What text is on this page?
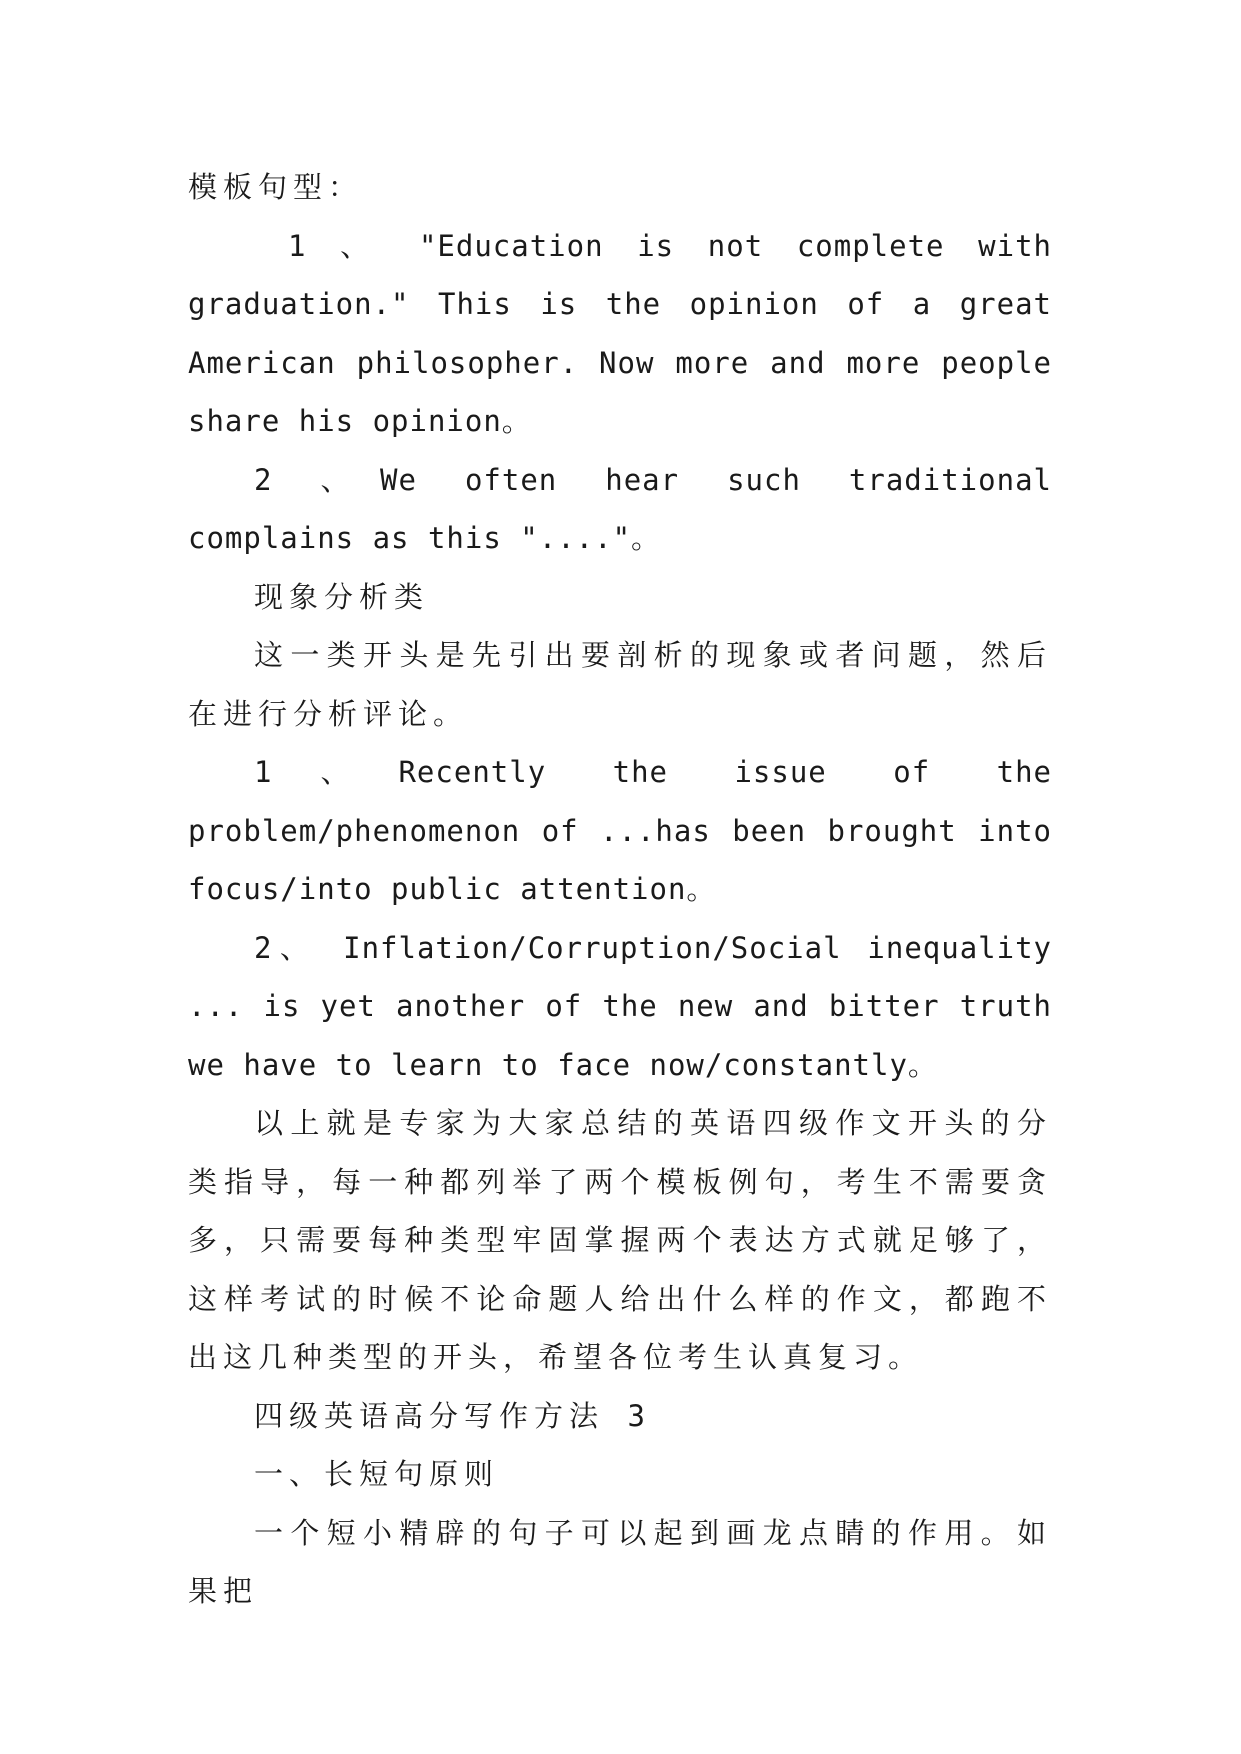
模板句型：

1 、 "Education is not complete with graduation." This is the opinion of a great American philosopher. Now more and more people share his opinion。

2 、We often hear such traditional complains as this "...."。

现象分析类

这一类开头是先引出要剖析的现象或者问题，然后在进行分析评论。

1、Recently the issue of the problem/phenomenon of ...has been brought into focus/into public attention。

2、 Inflation/Corruption/Social inequality ... is yet another of the new and bitter truth we have to learn to face now/constantly。

以上就是专家为大家总结的英语四级作文开头的分类指导，每一种都列举了两个模板例句，考生不需要贪多，只需要每种类型牢固掌握两个表达方式就足够了，这样考试的时候不论命题人给出什么样的作文，都跑不出这几种类型的开头，希望各位考生认真复习。

四级英语高分写作方法 3

一、长短句原则

一个短小精辟的句子可以起到画龙点睛的作用。如果把
